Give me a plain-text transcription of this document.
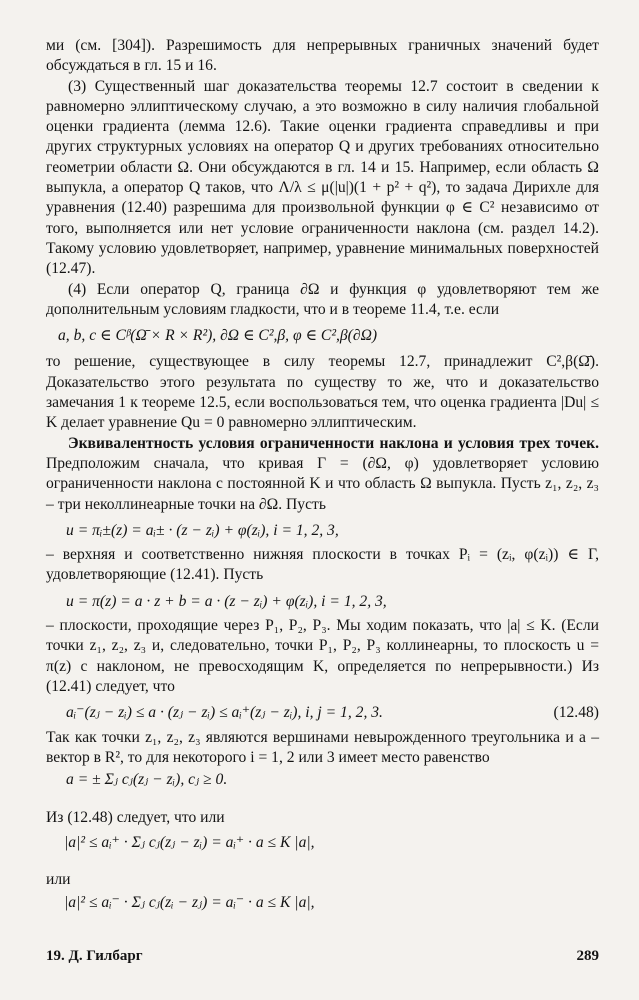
ми (см. [304]). Разрешимость для непрерывных граничных значений будет обсуждаться в гл. 15 и 16.

(3) Существенный шаг доказательства теоремы 12.7 состоит в сведении к равномерно эллиптическому случаю, а это возможно в силу наличия глобальной оценки градиента (лемма 12.6). Такие оценки градиента справедливы и при других структурных условиях на оператор Q и других требованиях относительно геометрии области Ω. Они обсуждаются в гл. 14 и 15. Например, если область Ω выпукла, а оператор Q таков, что Λ/λ ≤ μ(|u|)(1 + p² + q²), то задача Дирихле для уравнения (12.40) разрешима для произвольной функции φ ∈ C² независимо от того, выполняется или нет условие ограниченности наклона (см. раздел 14.2). Такому условию удовлетворяет, например, уравнение минимальных поверхностей (12.47).

(4) Если оператор Q, граница ∂Ω и функция φ удовлетворяют тем же дополнительным условиям гладкости, что и в теореме 11.4, т.е. если

a, b, c ∈ Cᵝ(Ω̄ × R × R²), ∂Ω ∈ C²,β, φ ∈ C²,β(∂Ω)

то решение, существующее в силу теоремы 12.7, принадлежит C²,β(Ω̄). Доказательство этого результата по существу то же, что и доказательство замечания 1 к теореме 12.5, если воспользоваться тем, что оценка градиента |Du| ≤ K делает уравнение Qu = 0 равномерно эллиптическим.

Эквивалентность условия ограниченности наклона и условия трех точек. Предположим сначала, что кривая Γ = (∂Ω, φ) удовлетворяет условию ограниченности наклона с постоянной K и что область Ω выпукла. Пусть z₁, z₂, z₃ – три неколлинеарные точки на ∂Ω. Пусть

u = πᵢ±(z) = aᵢ± · (z − zᵢ) + φ(zᵢ), i = 1, 2, 3,

– верхняя и соответственно нижняя плоскости в точках Pᵢ = (zᵢ, φ(zᵢ)) ∈ Γ, удовлетворяющие (12.41). Пусть

u = π(z) = a · z + b = a · (z − zᵢ) + φ(zᵢ), i = 1, 2, 3,

– плоскости, проходящие через P₁, P₂, P₃. Мы ходим показать, что |a| ≤ K. (Если точки z₁, z₂, z₃ и, следовательно, точки P₁, P₂, P₃ коллинеарны, то плоскость u = π(z) с наклоном, не превосходящим K, определяется по непрерывности.) Из (12.41) следует, что

aᵢ⁻(zⱼ − zᵢ) ≤ a · (zⱼ − zᵢ) ≤ aᵢ⁺(zⱼ − zᵢ), i, j = 1, 2, 3.	(12.48)

Так как точки z₁, z₂, z₃ являются вершинами невырожденного треугольника и a – вектор в R², то для некоторого i = 1, 2 или 3 имеет место равенство

a = ± Σⱼ cⱼ(zⱼ − zᵢ), cⱼ ≥ 0.

Из (12.48) следует, что или

|a|² ≤ aᵢ⁺ · Σⱼ cⱼ(zⱼ − zᵢ) = aᵢ⁺ · a ≤ K |a|,

или

|a|² ≤ aᵢ⁻ · Σⱼ cⱼ(zᵢ − zⱼ) = aᵢ⁻ · a ≤ K |a|,
19. Д. Гилбарг	289
